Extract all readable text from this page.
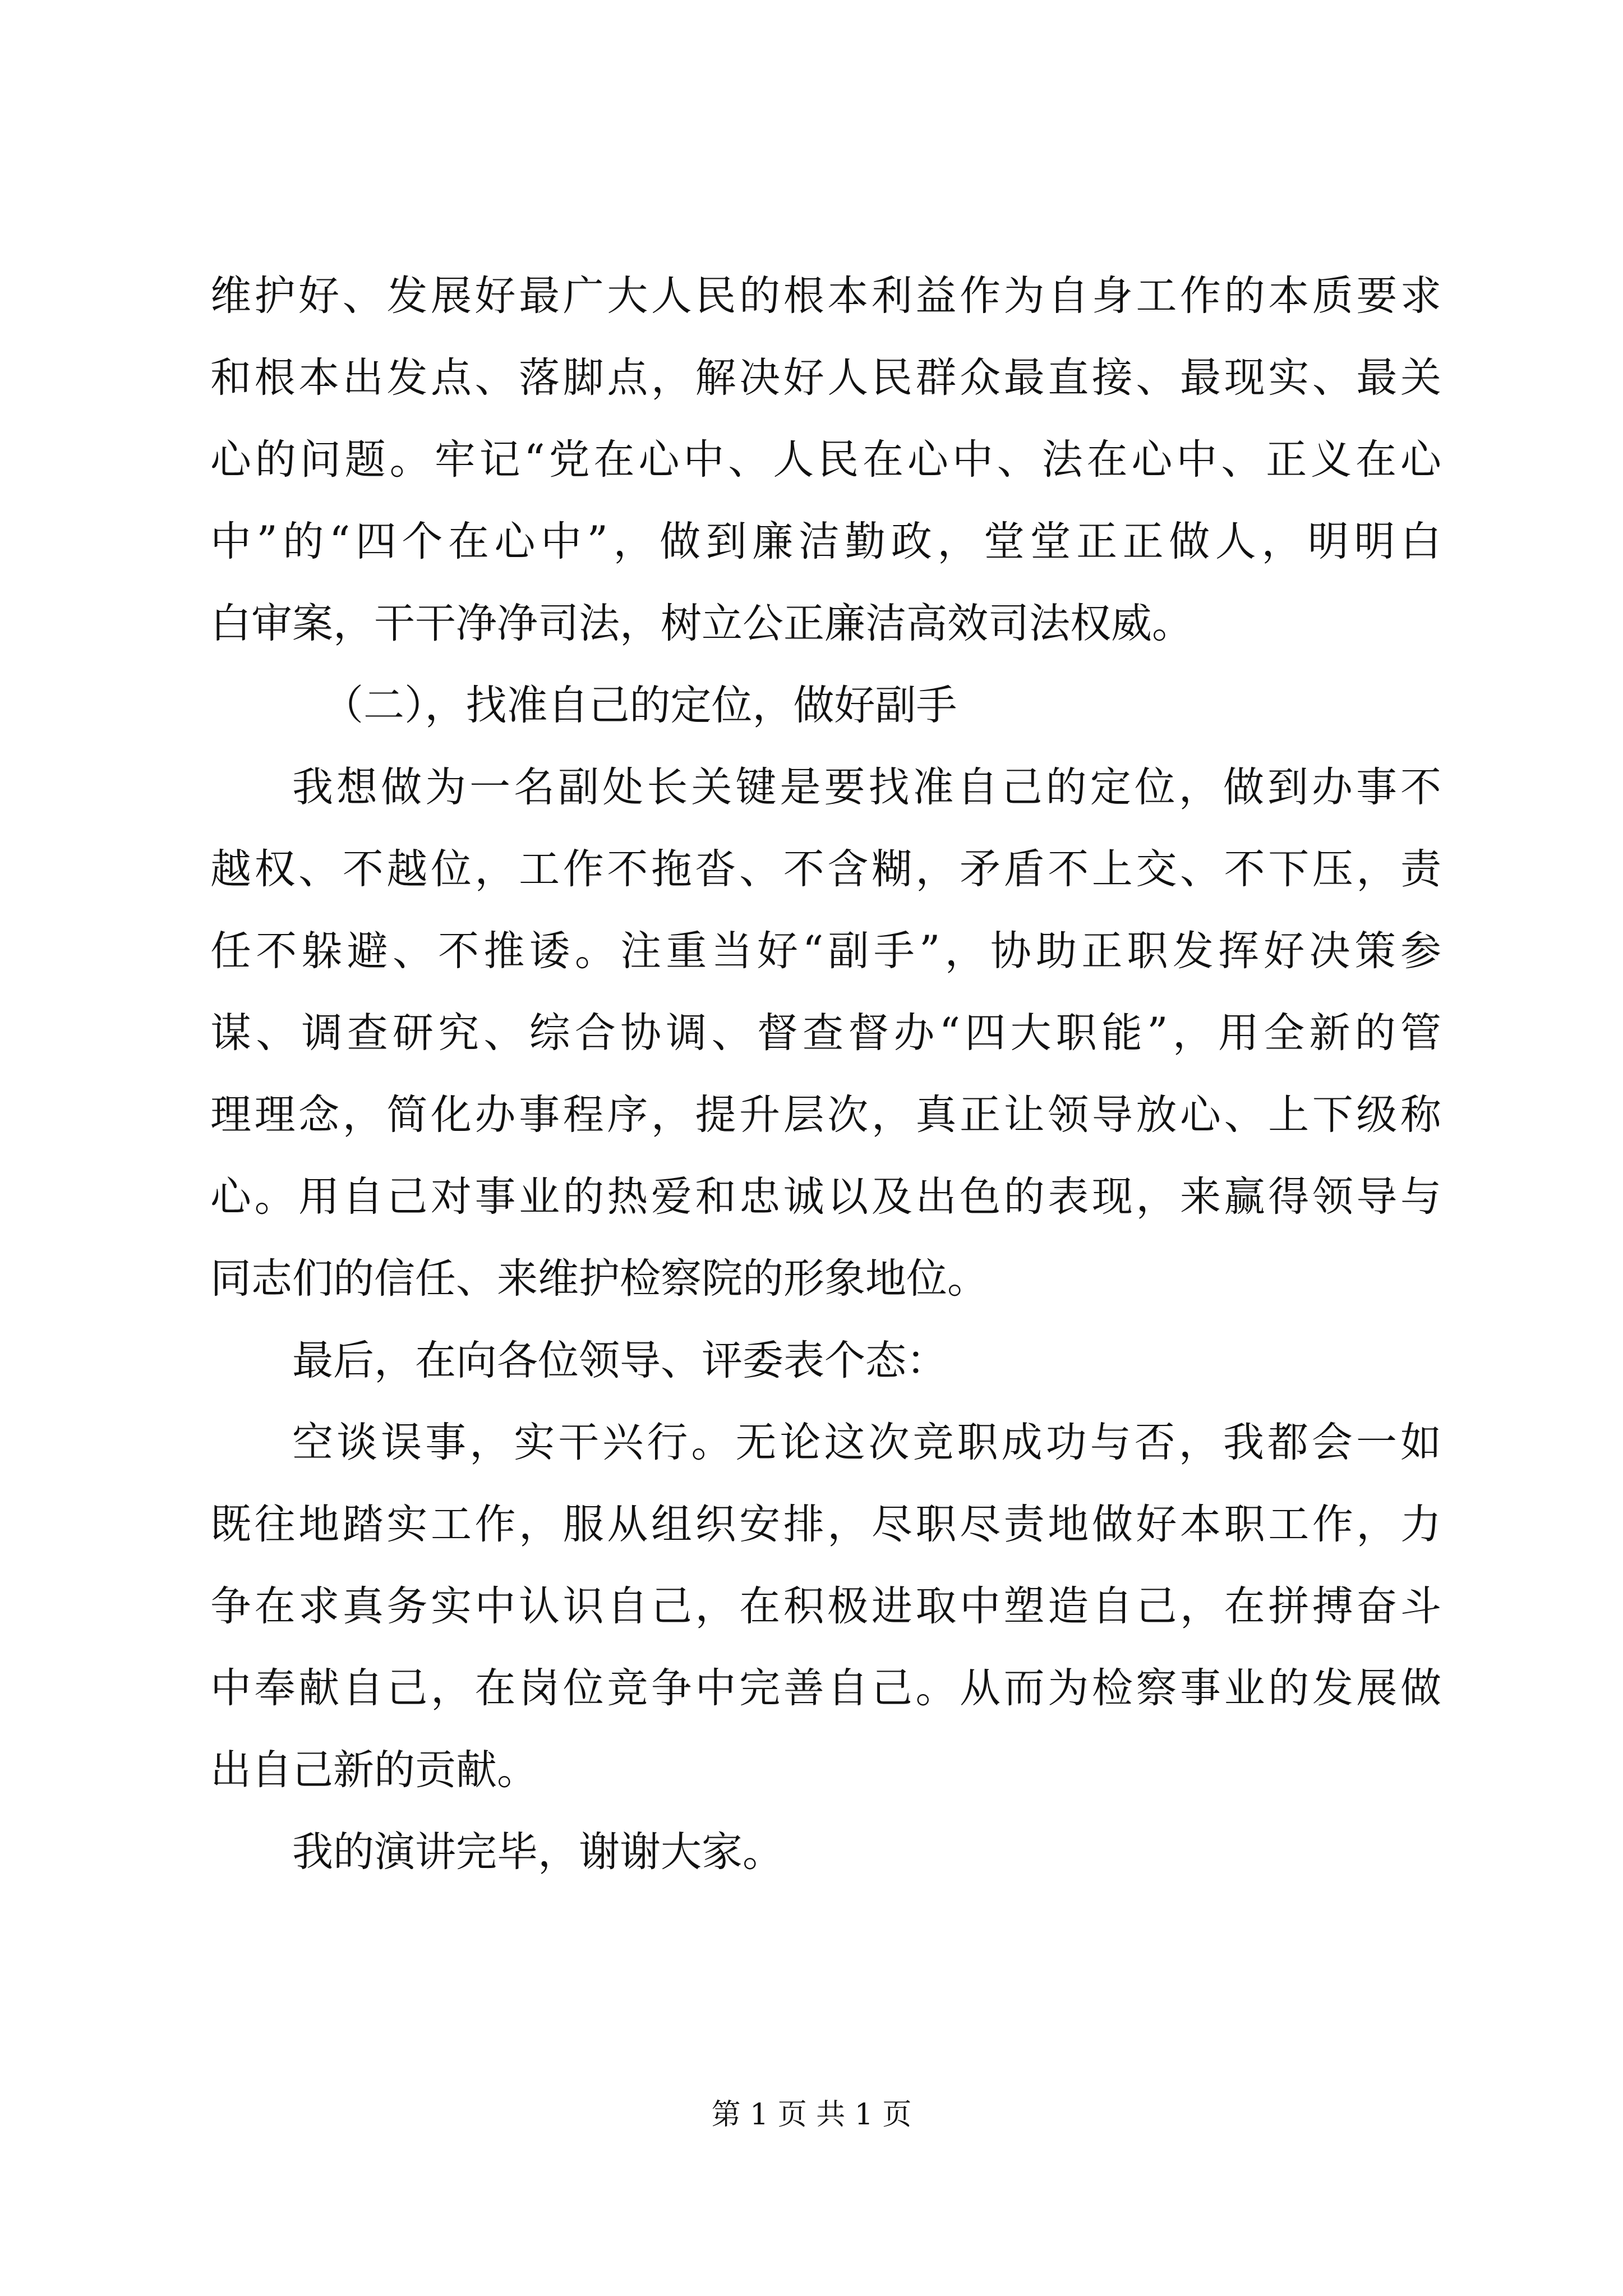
维护好、发展好最广大人民的根本利益作为自身工作的本质要求
和根本出发点、落脚点，解决好人民群众最直接、最现实、最关
心的问题。牢记“党在心中、人民在心中、法在心中、正义在心
中”的“四个在心中”，做到廉洁勤政，堂堂正正做人，明明白
白审案，干干净净司法，树立公正廉洁高效司法权威。
（二），找准自己的定位，做好副手
我想做为一名副处长关键是要找准自己的定位，做到办事不
越权、不越位，工作不拖沓、不含糊，矛盾不上交、不下压，责
任不躲避、不推诿。注重当好“副手”，协助正职发挥好决策参
谋、调查研究、综合协调、督查督办“四大职能”，用全新的管
理理念，简化办事程序，提升层次，真正让领导放心、上下级称
心。用自己对事业的热爱和忠诚以及出色的表现，来赢得领导与
同志们的信任、来维护检察院的形象地位。
最后，在向各位领导、评委表个态：
空谈误事，实干兴行。无论这次竞职成功与否，我都会一如
既往地踏实工作，服从组织安排，尽职尽责地做好本职工作，力
争在求真务实中认识自己，在积极进取中塑造自己，在拼搏奋斗
中奉献自己，在岗位竞争中完善自己。从而为检察事业的发展做
出自己新的贡献。
我的演讲完毕，谢谢大家。
第 1 页 共 1 页
